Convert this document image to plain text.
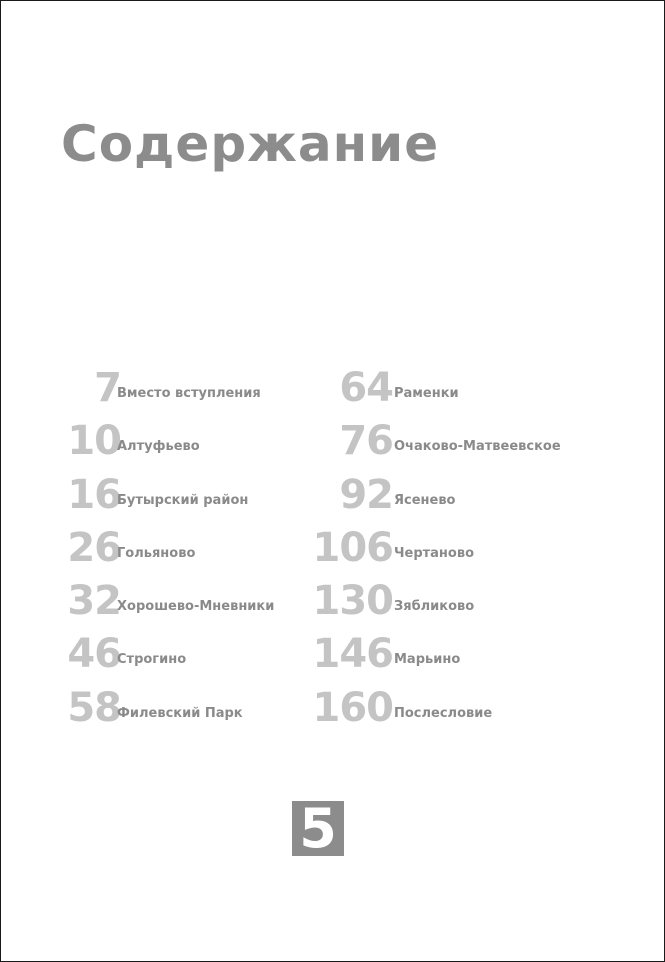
Содержание
7
Вместо вступления
10
Алтуфьево
16
Бутырский район
26
Гольяново
32
Хорошево-Мневники
46
Строгино
58
Филевский Парк
64 Раменки
76 Очаково-Матвеевское
92 Ясенево
106 Чертаново
130 Зябликово
146 Марьино
160 Послесловие
5
